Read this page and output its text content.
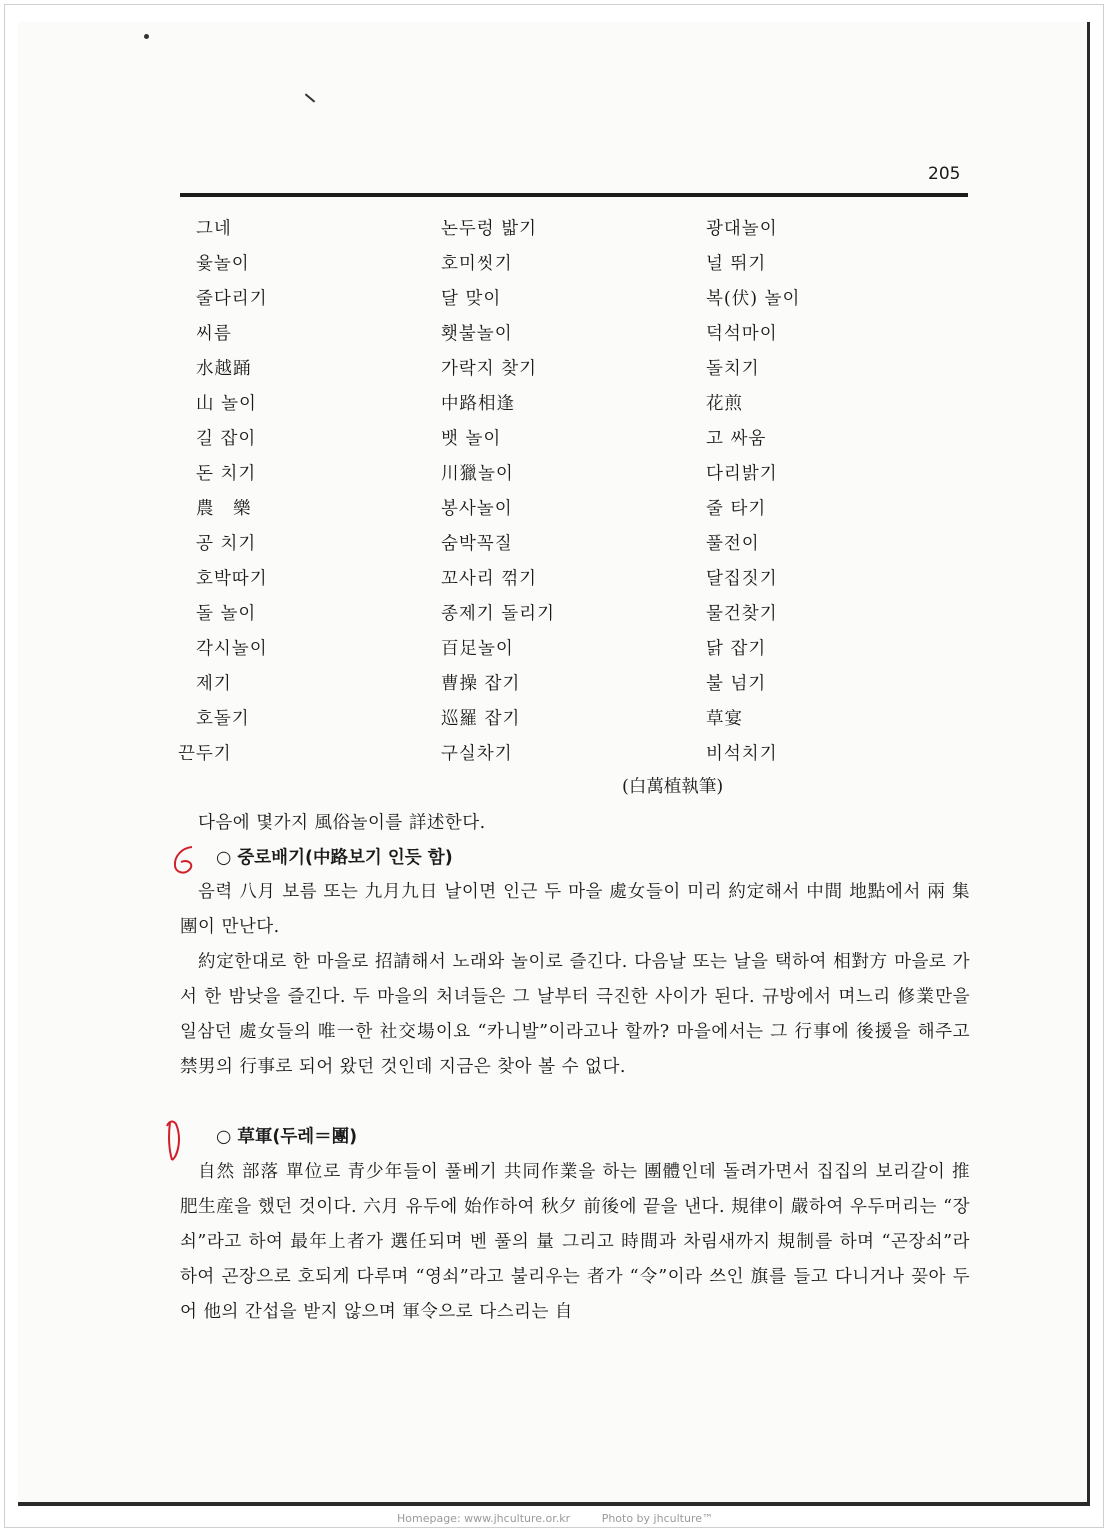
205
그네	논두렁 밟기	광대놀이
윷놀이	호미씻기	널 뛰기
줄다리기	달 맞이	복(伏) 놀이
씨름	횃불놀이	덕석마이
水越踊	가락지 찾기	돌치기
山 놀이	中路相逢	花煎
길 잡이	뱃 놀이	고 싸움
돈 치기	川獵놀이	다리밝기
農　樂	봉사놀이	줄 타기
공 치기	숨박꼭질	풀전이
호박따기	꼬사리 꺾기	달집짓기
돌 놀이	종제기 돌리기	물건찾기
각시놀이	百足놀이	닭 잡기
제기	曹操 잡기	불 넘기
호돌기	巡羅 잡기	草宴
끈두기	구실차기	비석치기
(白萬植執筆)
다음에 몇가지 風俗놀이를 詳述한다.
○ 중로배기(中路보기 인듯 함)
음력 八月 보름 또는 九月九日 날이면 인근 두 마을 處女들이 미리 約定해서 中間 地點에서 兩 集團이 만난다.
約定한대로 한 마을로 招請해서 노래와 놀이로 즐긴다. 다음날 또는 날을 택하여 相對方 마을로 가서 한 밤낮을 즐긴다. 두 마을의 처녀들은 그 날부터 극진한 사이가 된다. 규방에서 며느리 修業만을 일삼던 處女들의 唯一한 社交場이요 “카니발”이라고나 할까? 마을에서는 그 行事에 後援을 해주고 禁男의 行事로 되어 왔던 것인데 지금은 찾아 볼 수 없다.
○ 草軍(두레＝團)
自然 部落 單位로 青少年들이 풀베기 共同作業을 하는 團體인데 돌려가면서 집집의 보리갈이 推肥生産을 했던 것이다. 六月 유두에 始作하여 秋夕 前後에 끝을 낸다. 規律이 嚴하여 우두머리는 “장쇠”라고 하여 最年上者가 選任되며 벤 풀의 量 그리고 時間과 차림새까지 規制를 하며 “곤장쇠”라 하여 곤장으로 호되게 다루며 “영쇠”라고 불리우는 者가 “令”이라 쓰인 旗를 들고 다니거나 꽂아 두어 他의 간섭을 받지 않으며 軍令으로 다스리는 自
Homepage: www.jhculture.or.kr	Photo by jhculture™
